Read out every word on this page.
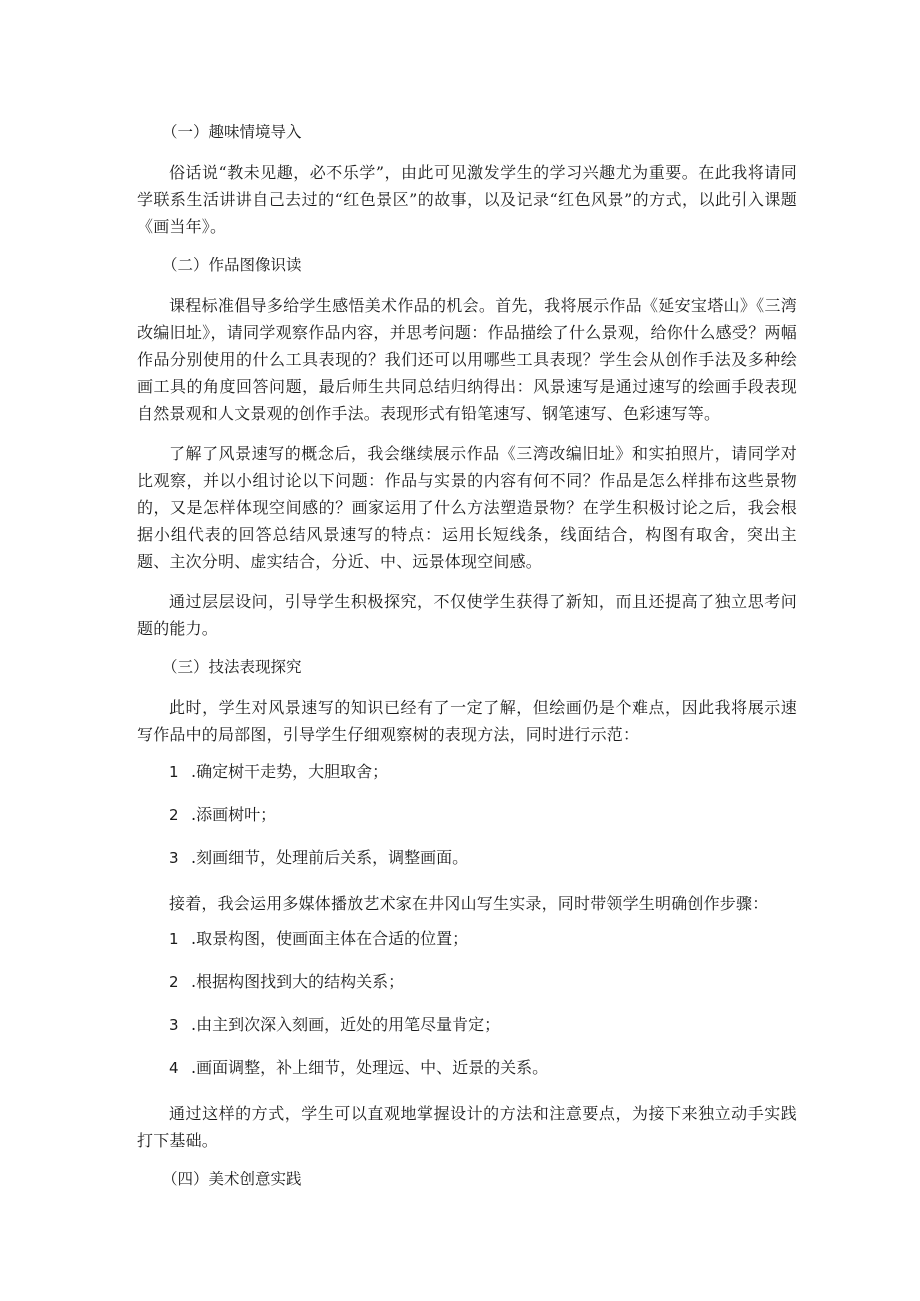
（一）趣味情境导入

俗话说“教未见趣，必不乐学”，由此可见激发学生的学习兴趣尤为重要。在此我将请同学联系生活讲讲自己去过的“红色景区”的故事，以及记录“红色风景”的方式，以此引入课题《画当年》。

（二）作品图像识读

课程标准倡导多给学生感悟美术作品的机会。首先，我将展示作品《延安宝塔山》《三湾改编旧址》，请同学观察作品内容，并思考问题：作品描绘了什么景观，给你什么感受？两幅作品分别使用的什么工具表现的？我们还可以用哪些工具表现？学生会从创作手法及多种绘画工具的角度回答问题，最后师生共同总结归纳得出：风景速写是通过速写的绘画手段表现自然景观和人文景观的创作手法。表现形式有铅笔速写、钢笔速写、色彩速写等。

了解了风景速写的概念后，我会继续展示作品《三湾改编旧址》和实拍照片，请同学对比观察，并以小组讨论以下问题：作品与实景的内容有何不同？作品是怎么样排布这些景物的，又是怎样体现空间感的？画家运用了什么方法塑造景物？在学生积极讨论之后，我会根据小组代表的回答总结风景速写的特点：运用长短线条，线面结合，构图有取舍，突出主题、主次分明、虚实结合，分近、中、远景体现空间感。

通过层层设问，引导学生积极探究，不仅使学生获得了新知，而且还提高了独立思考问题的能力。

（三）技法表现探究

此时，学生对风景速写的知识已经有了一定了解，但绘画仍是个难点，因此我将展示速写作品中的局部图，引导学生仔细观察树的表现方法，同时进行示范：

1 .确定树干走势，大胆取舍；
2 .添画树叶；
3 .刻画细节，处理前后关系，调整画面。

接着，我会运用多媒体播放艺术家在井冈山写生实录，同时带领学生明确创作步骤：

1 .取景构图，使画面主体在合适的位置；
2 .根据构图找到大的结构关系；
3 .由主到次深入刻画，近处的用笔尽量肯定；
4 .画面调整，补上细节，处理远、中、近景的关系。

通过这样的方式，学生可以直观地掌握设计的方法和注意要点，为接下来独立动手实践打下基础。

（四）美术创意实践
